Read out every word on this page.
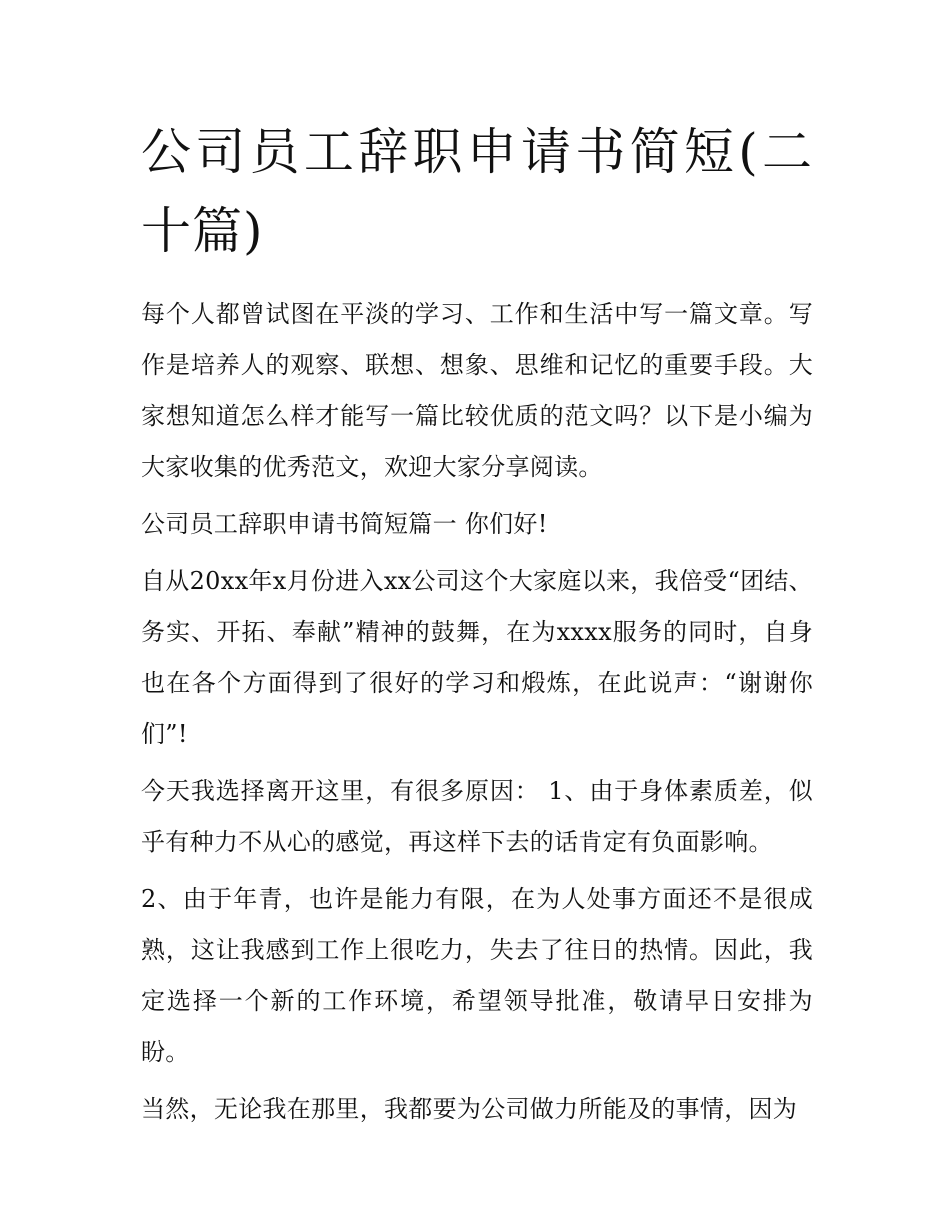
公司员工辞职申请书简短(二十篇)

每个人都曾试图在平淡的学习、工作和生活中写一篇文章。写作是培养人的观察、联想、想象、思维和记忆的重要手段。大家想知道怎么样才能写一篇比较优质的范文吗？以下是小编为大家收集的优秀范文，欢迎大家分享阅读。

公司员工辞职申请书简短篇一 你们好!

自从20xx年x月份进入xx公司这个大家庭以来，我倍受“团结、务实、开拓、奉献”精神的鼓舞，在为xxxx服务的同时，自身也在各个方面得到了很好的学习和煅炼，在此说声：“谢谢你们”!

今天我选择离开这里，有很多原因： 1、由于身体素质差，似乎有种力不从心的感觉，再这样下去的话肯定有负面影响。

2、由于年青，也许是能力有限，在为人处事方面还不是很成熟，这让我感到工作上很吃力，失去了往日的热情。因此，我定选择一个新的工作环境，希望领导批准，敬请早日安排为盼。

当然，无论我在那里，我都要为公司做力所能及的事情，因为
